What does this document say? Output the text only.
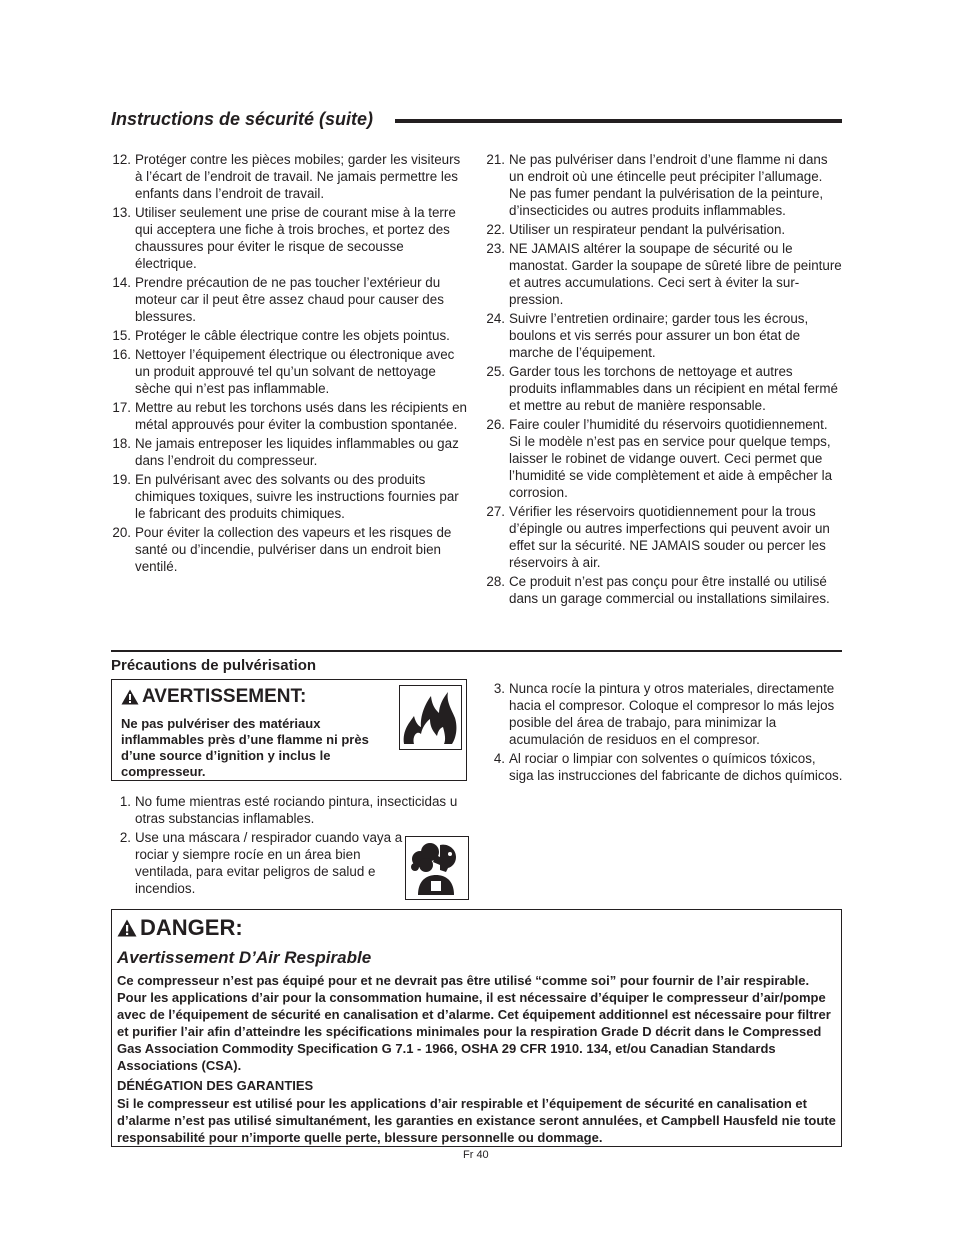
Instructions de sécurité (suite)
12. Protéger contre les pièces mobiles; garder les visiteurs à l’écart de l’endroit de travail. Ne jamais permettre les enfants dans l’endroit de travail.
13. Utiliser seulement une prise de courant mise à la terre qui acceptera une fiche à trois broches, et portez des chaussures pour éviter le risque de secousse électrique.
14. Prendre précaution de ne pas toucher l’extérieur du moteur car il peut être assez chaud pour causer des blessures.
15. Protéger le câble électrique contre les objets pointus.
16. Nettoyer l’équipement électrique ou électronique avec un produit approuvé tel qu’un solvant de nettoyage sèche qui n’est pas inflammable.
17. Mettre au rebut les torchons usés dans les récipients en métal approuvés pour éviter la combustion spontanée.
18. Ne jamais entreposer les liquides inflammables ou gaz dans l’endroit du compresseur.
19. En pulvérisant avec des solvants ou des produits chimiques toxiques, suivre les instructions fournies par le fabricant des produits chimiques.
20. Pour éviter la collection des vapeurs et les risques de santé ou d’incendie, pulvériser dans un endroit bien ventilé.
21. Ne pas pulvériser dans l’endroit d’une flamme ni dans un endroit où une étincelle peut précipiter l’allumage. Ne pas fumer pendant la pulvérisation de la peinture, d’insecticides ou autres produits inflammables.
22. Utiliser un respirateur pendant la pulvérisation.
23. NE JAMAIS altérer la soupape de sécurité ou le manostat. Garder la soupape de sûreté libre de peinture et autres accumulations. Ceci sert à éviter la sur-pression.
24. Suivre l’entretien ordinaire; garder tous les écrous, boulons et vis serrés pour assurer un bon état de marche de l’équipement.
25. Garder tous les torchons de nettoyage et autres produits inflammables dans un récipient en métal fermé et mettre au rebut de manière responsable.
26. Faire couler l’humidité du réservoirs quotidiennement. Si le modèle n’est pas en service pour quelque temps, laisser le robinet de vidange ouvert. Ceci permet que l’humidité se vide complètement et aide à empêcher la corrosion.
27. Vérifier les réservoirs quotidiennement pour la trous d’épingle ou autres imperfections qui peuvent avoir un effet sur la sécurité. NE JAMAIS souder ou percer les réservoirs à air.
28. Ce produit n’est pas conçu pour être installé ou utilisé dans un garage commercial ou installations similaires.
Précautions de pulvérisation
AVERTISSEMENT:
Ne pas pulvériser des matériaux inflammables près d’une flamme ni près d’une source d’ignition y inclus le compresseur.
1. No fume mientras esté rociando pintura, insecticidas u otras substancias inflamables.
2. Use una máscara / respirador cuando vaya a rociar y siempre rocíe en un área bien ventilada, para evitar peligros de salud e incendios.
3. Nunca rocíe la pintura y otros materiales, directamente hacia el compresor. Coloque el compresor lo más lejos posible del área de trabajo, para minimizar la acumulación de residuos en el compresor.
4. Al rociar o limpiar con solventes o químicos tóxicos, siga las instrucciones del fabricante de dichos químicos.
DANGER:
Avertissement D’Air Respirable
Ce compresseur n’est pas équipé pour et ne devrait pas être utilisé “comme soi” pour fournir de l’air respirable. Pour les applications d’air pour la consommation humaine, il est nécessaire d’équiper le compresseur d’air/pompe avec de l’équipement de sécurité en canalisation et d’alarme. Cet équipement additionnel est nécessaire pour filtrer et purifier l’air afin d’atteindre les spécifications minimales pour la respiration Grade D décrit dans le Compressed Gas Association Commodity Specification G 7.1 - 1966, OSHA 29 CFR 1910. 134, et/ou Canadian Standards Associations (CSA).
DÉNÉGATION DES GARANTIES
Si le compresseur est utilisé pour les applications d’air respirable et l’équipement de sécurité en canalisation et d’alarme n’est pas utilisé simultanément, les garanties en existance seront annulées, et Campbell Hausfeld nie toute responsabilité pour n’importe quelle perte, blessure personnelle ou dommage.
Fr 40
